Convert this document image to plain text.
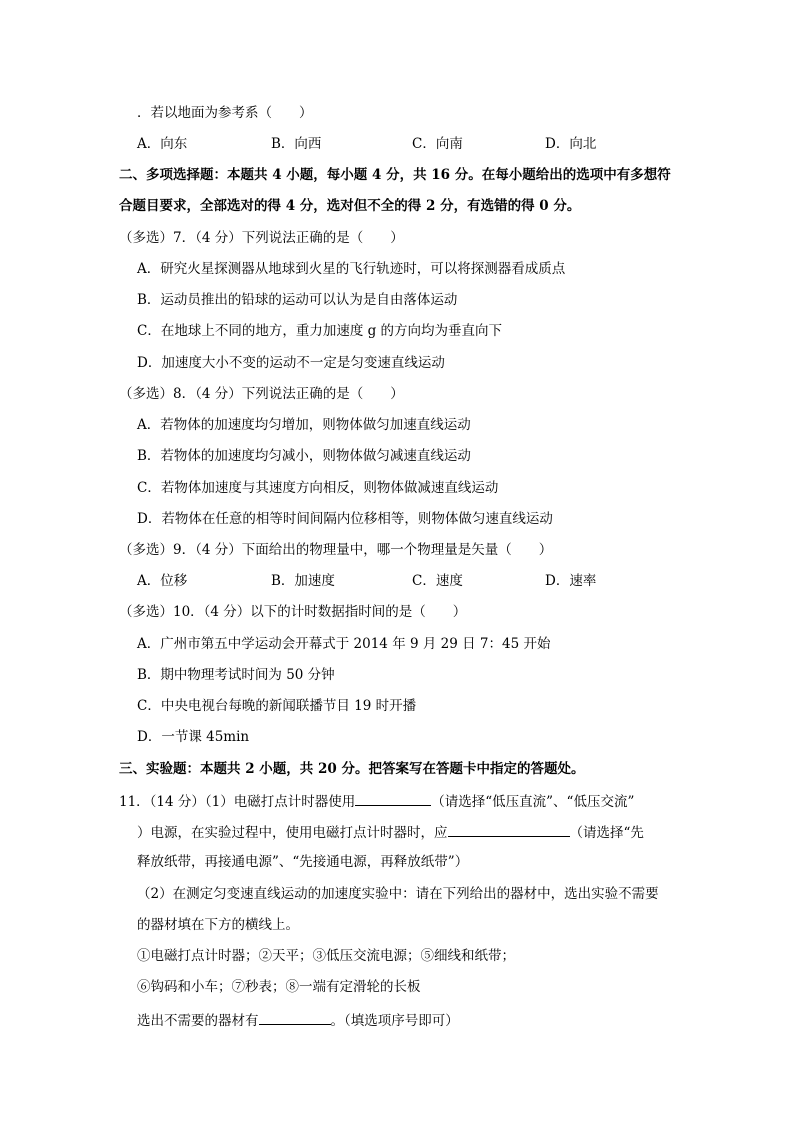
．若以地面为参考系（　　）
A．向东	B．向西	C．向南	D．向北
二、多项选择题：本题共 4 小题，每小题 4 分，共 16 分。在每小题给出的选项中有多想符
合题目要求，全部选对的得 4 分，选对但不全的得 2 分，有选错的得 0 分。
（多选）7．（4 分）下列说法正确的是（　　）
A．研究火星探测器从地球到火星的飞行轨迹时，可以将探测器看成质点
B．运动员推出的铅球的运动可以认为是自由落体运动
C．在地球上不同的地方，重力加速度 g 的方向均为垂直向下
D．加速度大小不变的运动不一定是匀变速直线运动
（多选）8．（4 分）下列说法正确的是（　　）
A．若物体的加速度均匀增加，则物体做匀加速直线运动
B．若物体的加速度均匀减小，则物体做匀减速直线运动
C．若物体加速度与其速度方向相反，则物体做减速直线运动
D．若物体在任意的相等时间间隔内位移相等，则物体做匀速直线运动
（多选）9．（4 分）下面给出的物理量中，哪一个物理量是矢量（　　）
A．位移	B．加速度	C．速度	D．速率
（多选）10．（4 分）以下的计时数据指时间的是（　　）
A．广州市第五中学运动会开幕式于 2014 年 9 月 29 日 7：45 开始
B．期中物理考试时间为 50 分钟
C．中央电视台每晚的新闻联播节目 19 时开播
D．一节课 45min
三、实验题：本题共 2 小题，共 20 分。把答案写在答题卡中指定的答题处。
11．（14 分）（1）电磁打点计时器使用	（请选择“低压直流”、“低压交流”
）电源，在实验过程中，使用电磁打点计时器时，应	（请选择“先
释放纸带，再接通电源”、“先接通电源，再释放纸带”）
（2）在测定匀变速直线运动的加速度实验中：请在下列给出的器材中，选出实验不需要
的器材填在下方的横线上。
①电磁打点计时器；②天平；③低压交流电源；⑤细线和纸带；
⑥钩码和小车；⑦秒表；⑧一端有定滑轮的长板
选出不需要的器材有	。（填选项序号即可）
